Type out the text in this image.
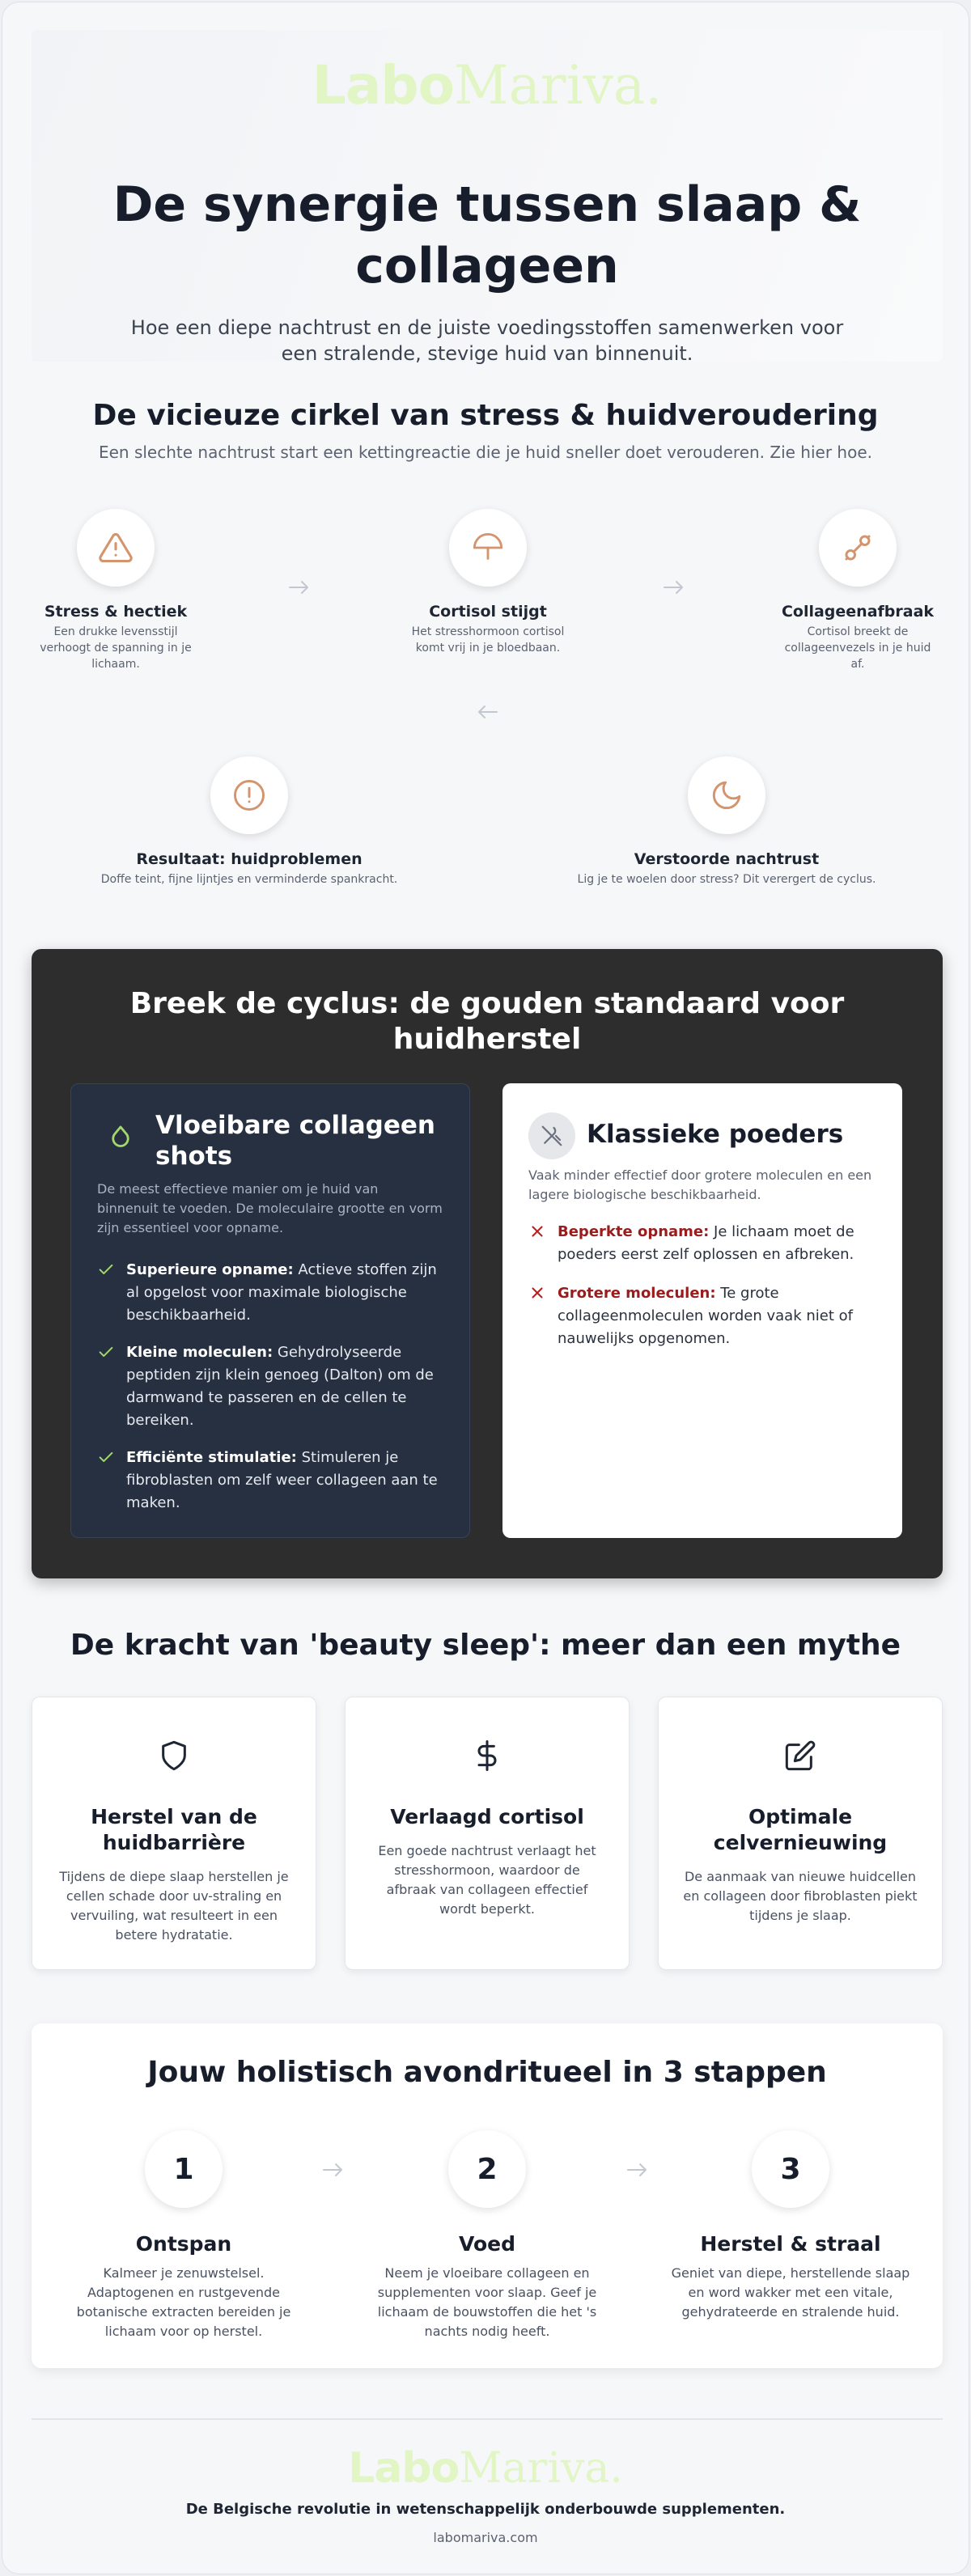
LaboMariva.
De synergie tussen slaap & collageen

Hoe een diepe nachtrust en de juiste voedingsstoffen samenwerken voor een stralende, stevige huid van binnenuit.

De vicieuze cirkel van stress & huidveroudering

Een slechte nachtrust start een kettingreactie die je huid sneller doet verouderen. Zie hier hoe.

Stress & hectiek

Een drukke levensstijl verhoogt de spanning in je lichaam.

Cortisol stijgt

Het stresshormoon cortisol komt vrij in je bloedbaan.

Collageenafbraak

Cortisol breekt de collageenvezels in je huid af.

Resultaat: huidproblemen

Doffe teint, fijne lijntjes en verminderde spankracht.

Verstoorde nachtrust

Lig je te woelen door stress? Dit verergert de cyclus.

Breek de cyclus: de gouden standaard voor huidherstel
Vloeibare collageen shots

De meest effectieve manier om je huid van binnenuit te voeden. De moleculaire grootte en vorm zijn essentieel voor opname.

Superieure opname: Actieve stoffen zijn al opgelost voor maximale biologische beschikbaarheid.
Kleine moleculen: Gehydrolyseerde peptiden zijn klein genoeg (Dalton) om de darmwand te passeren en de cellen te bereiken.
Efficiënte stimulatie: Stimuleren je fibroblasten om zelf weer collageen aan te maken.
Klassieke poeders

Vaak minder effectief door grotere moleculen en een lagere biologische beschikbaarheid.

Beperkte opname: Je lichaam moet de poeders eerst zelf oplossen en afbreken.
Grotere moleculen: Te grote collageenmoleculen worden vaak niet of nauwelijks opgenomen.
De kracht van 'beauty sleep': meer dan een mythe
Herstel van de huidbarrière

Tijdens de diepe slaap herstellen je cellen schade door uv-straling en vervuiling, wat resulteert in een betere hydratatie.

Verlaagd cortisol

Een goede nachtrust verlaagt het stresshormoon, waardoor de afbraak van collageen effectief wordt beperkt.

Optimale celvernieuwing

De aanmaak van nieuwe huidcellen en collageen door fibroblasten piekt tijdens je slaap.

Jouw holistisch avondritueel in 3 stappen
1
Ontspan

Kalmeer je zenuwstelsel. Adaptogenen en rustgevende botanische extracten bereiden je lichaam voor op herstel.

2
Voed

Neem je vloeibare collageen en supplementen voor slaap. Geef je lichaam de bouwstoffen die het 's nachts nodig heeft.

3
Herstel & straal

Geniet van diepe, herstellende slaap en word wakker met een vitale, gehydrateerde en stralende huid.

LaboMariva.

De Belgische revolutie in wetenschappelijk onderbouwde supplementen.

labomariva.com
